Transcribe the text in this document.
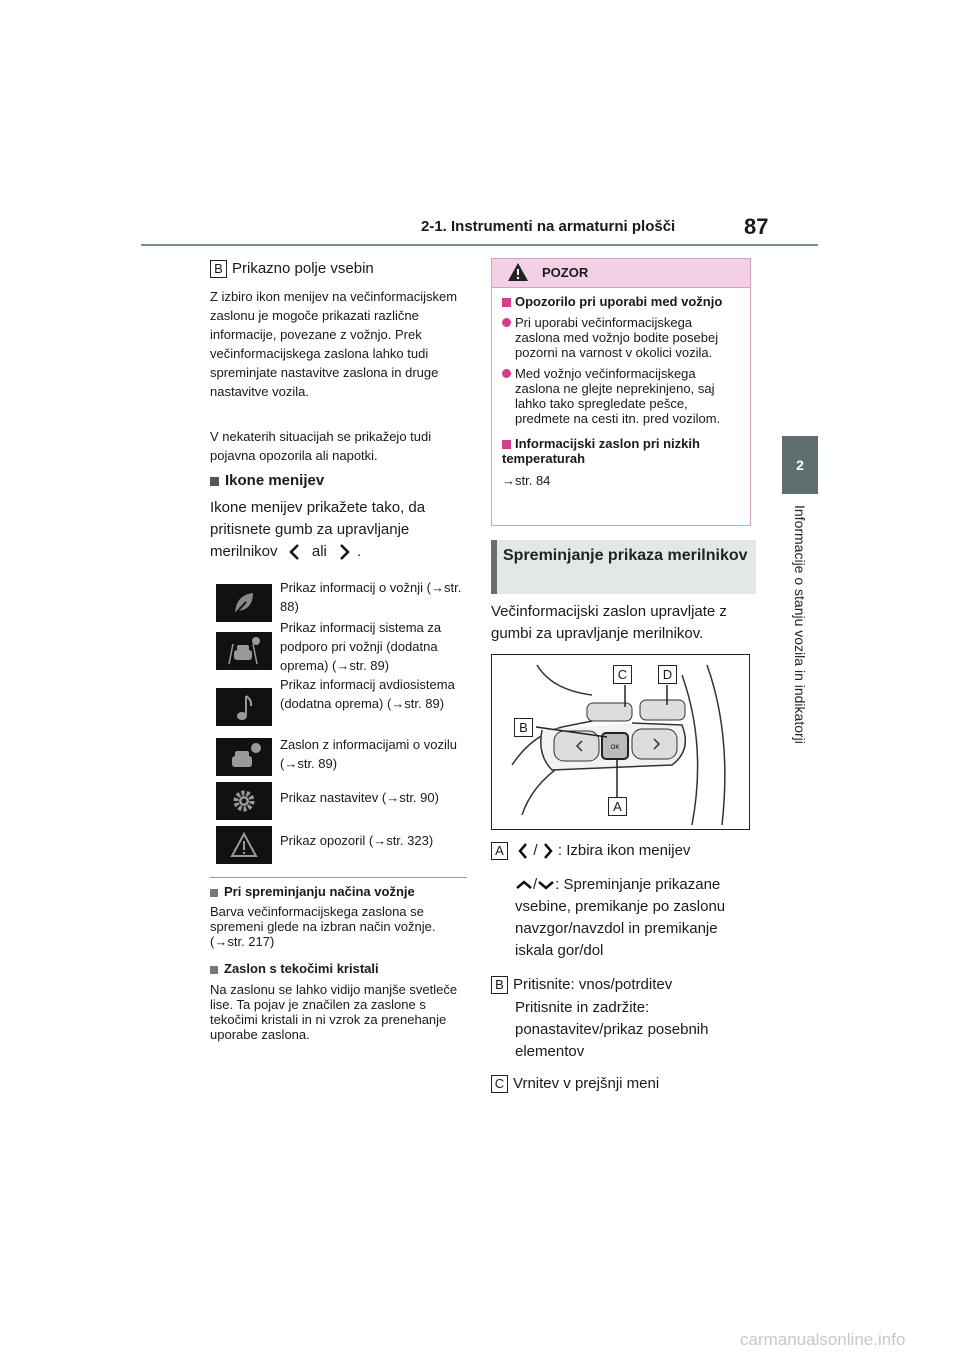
2-1. Instrumenti na armaturni plošči	87
2
Informacije o stanju vozila in indikatorji
B Prikazno polje vsebin
Z izbiro ikon menijev na večinformacijskem zaslonu je mogoče prikazati različne informacije, povezane z vožnjo. Prek večinformacijskega zaslona lahko tudi spreminjate nastavitve zaslona in druge nastavitve vozila.
V nekaterih situacijah se prikažejo tudi pojavna opozorila ali napotki.
Ikone menijev
Ikone menijev prikažete tako, da pritisnete gumb za upravljanje merilnikov ali .
Prikaz informacij o vožnji (→str. 88)
Prikaz informacij sistema za podporo pri vožnji (dodatna oprema) (→str. 89)
Prikaz informacij avdiosistema (dodatna oprema) (→str. 89)
Zaslon z informacijami o vozilu (→str. 89)
Prikaz nastavitev (→str. 90)
Prikaz opozoril (→str. 323)
Pri spreminjanju načina vožnje
Barva večinformacijskega zaslona se spremeni glede na izbran način vožnje. (→str. 217)
Zaslon s tekočimi kristali
Na zaslonu se lahko vidijo manjše svetleče lise. Ta pojav je značilen za zaslone s tekočimi kristali in ni vzrok za prenehanje uporabe zaslona.
POZOR
Opozorilo pri uporabi med vožnjo
Pri uporabi večinformacijskega zaslona med vožnjo bodite posebej pozorni na varnost v okolici vozila.
Med vožnjo večinformacijskega zaslona ne glejte neprekinjeno, saj lahko tako spregledate pešce, predmete na cesti itn. pred vozilom.
Informacijski zaslon pri nizkih temperaturah
→str. 84
Spreminjanje prikaza merilnikov
Večinformacijski zaslon upravljate z gumbi za upravljanje merilnikov.
OK
C	D
B
A
A / : Izbira ikon menijev
/ : Spreminjanje prikazane vsebine, premikanje po zaslonu navzgor/navzdol in premikanje iskala gor/dol
B Pritisnite: vnos/potrditev
Pritisnite in zadržite: ponastavitev/prikaz posebnih elementov
C Vrnitev v prejšnji meni
carmanualsonline.info
